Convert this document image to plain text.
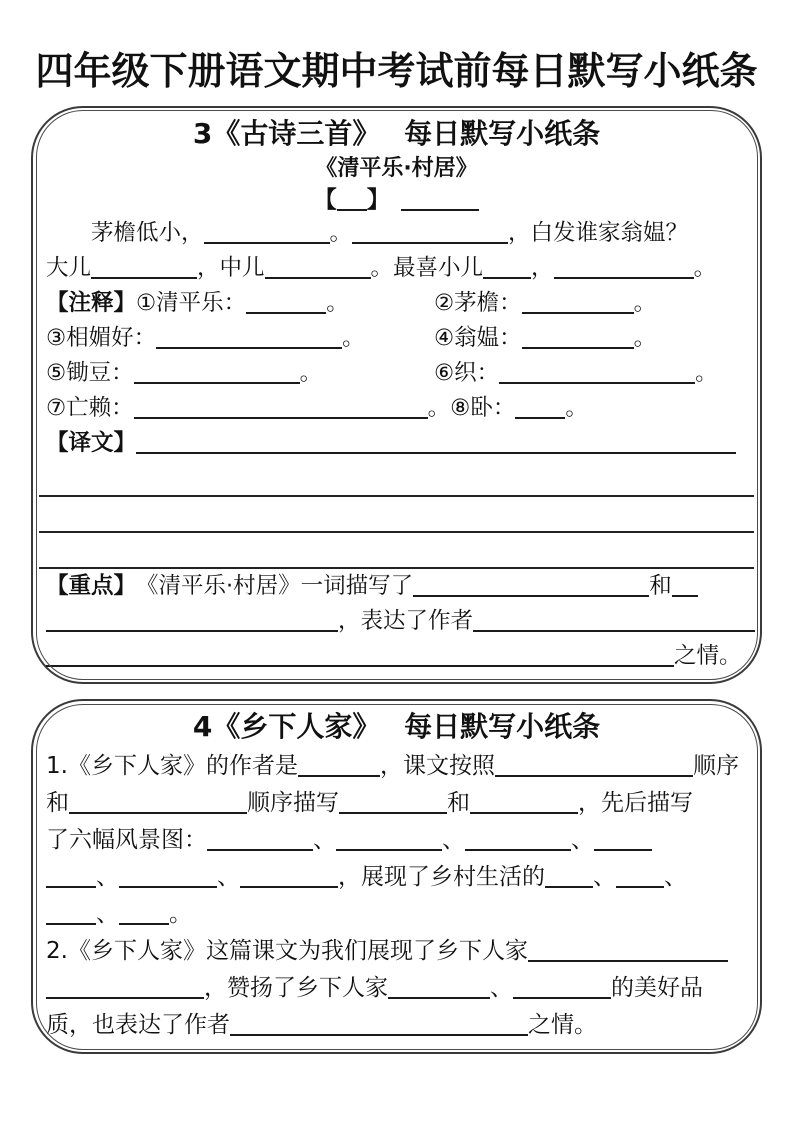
四年级下册语文期中考试前每日默写小纸条
3《古诗三首》　 每日默写小纸条
《清平乐·村居》
【 】　
　　茅檐低小，	。	，白发谁家翁媪？
大儿	，中儿	。最喜小儿 ，	。
【注释】①清平乐：	。	②茅檐：	。
③相媚好：	。	④翁媪：	。
⑤锄豆：	。	⑥织：	。
⑦亡赖：	。⑧卧： 。
【译文】
【重点】　 《清平乐·村居》一词描写了	和
，表达了作者
之情。
4《乡下人家》　 每日默写小纸条
1.《乡下人家》的作者是	，课文按照	顺序
和	顺序描写	和	，先后描写
了六幅风景图：	、	、	、
、	、	，展现了乡村生活的 、 、
、 。
2.《乡下人家》这篇课文为我们展现了乡下人家
，赞扬了乡下人家	、	的美好品
质，也表达了作者	之情。
